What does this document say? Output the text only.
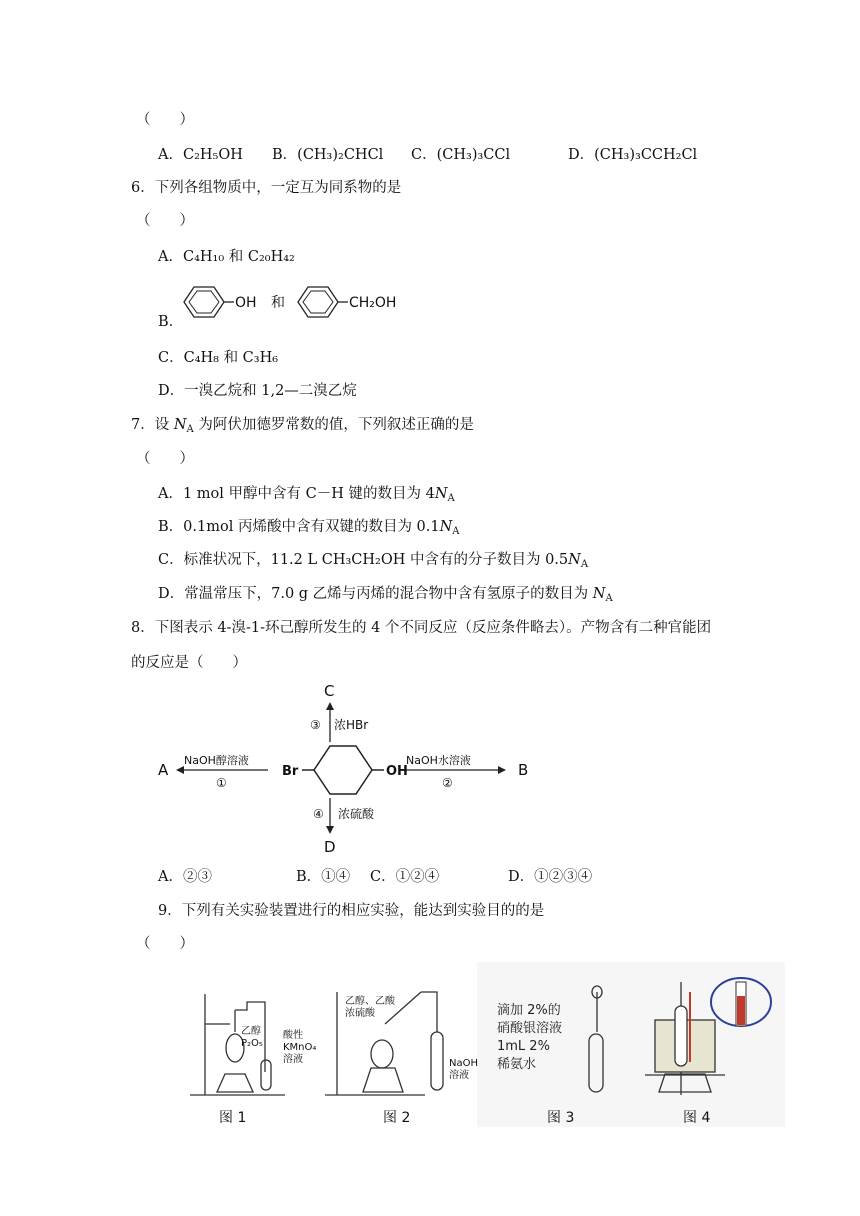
（　　）
A．C₂H₅OH B．(CH₃)₂CHCl C．(CH₃)₃CCl	D．(CH₃)₃CCH₂Cl
6．下列各组物质中，一定互为同系物的是
（　　）
A．C₄H₁₀ 和 C₂₀H₄₂
B．
OH 和	CH₂OH
C．C₄H₈ 和 C₃H₆
D．一溴乙烷和 1,2—二溴乙烷
7．设 $N_A$ 为阿伏加德罗常数的值，下列叙述正确的是
（　　）
A．1 mol 甲醇中含有 C－H 键的数目为 $4N_A$
B．0.1mol 丙烯酸中含有双键的数目为 $0.1N_A$
C．标准状况下，11.2 L CH₃CH₂OH 中含有的分子数目为 $0.5N_A$
D．常温常压下，7.0 g 乙烯与丙烯的混合物中含有氢原子的数目为 $N_A$
8．下图表示 4-溴-1-环己醇所发生的 4 个不同反应（反应条件略去）。产物含有二种官能团
的反应是（　　）
Br	OH
C
③ 浓HBr
A
NaOH醇溶液
①
NaOH水溶液
②
B
④ 浓硫酸
D
A．②③	B．①④ C．①②④	D．①②③④
9．下列有关实验装置进行的相应实验，能达到实验目的的是
（　　）
乙醇
P₂O₅
酸性
KMnO₄
溶液
图 1
乙醇、乙酸
浓硫酸
NaOH
溶液
图 2
滴加 2%的
硝酸银溶液
1mL 2%
稀氨水
图 3	图 4
